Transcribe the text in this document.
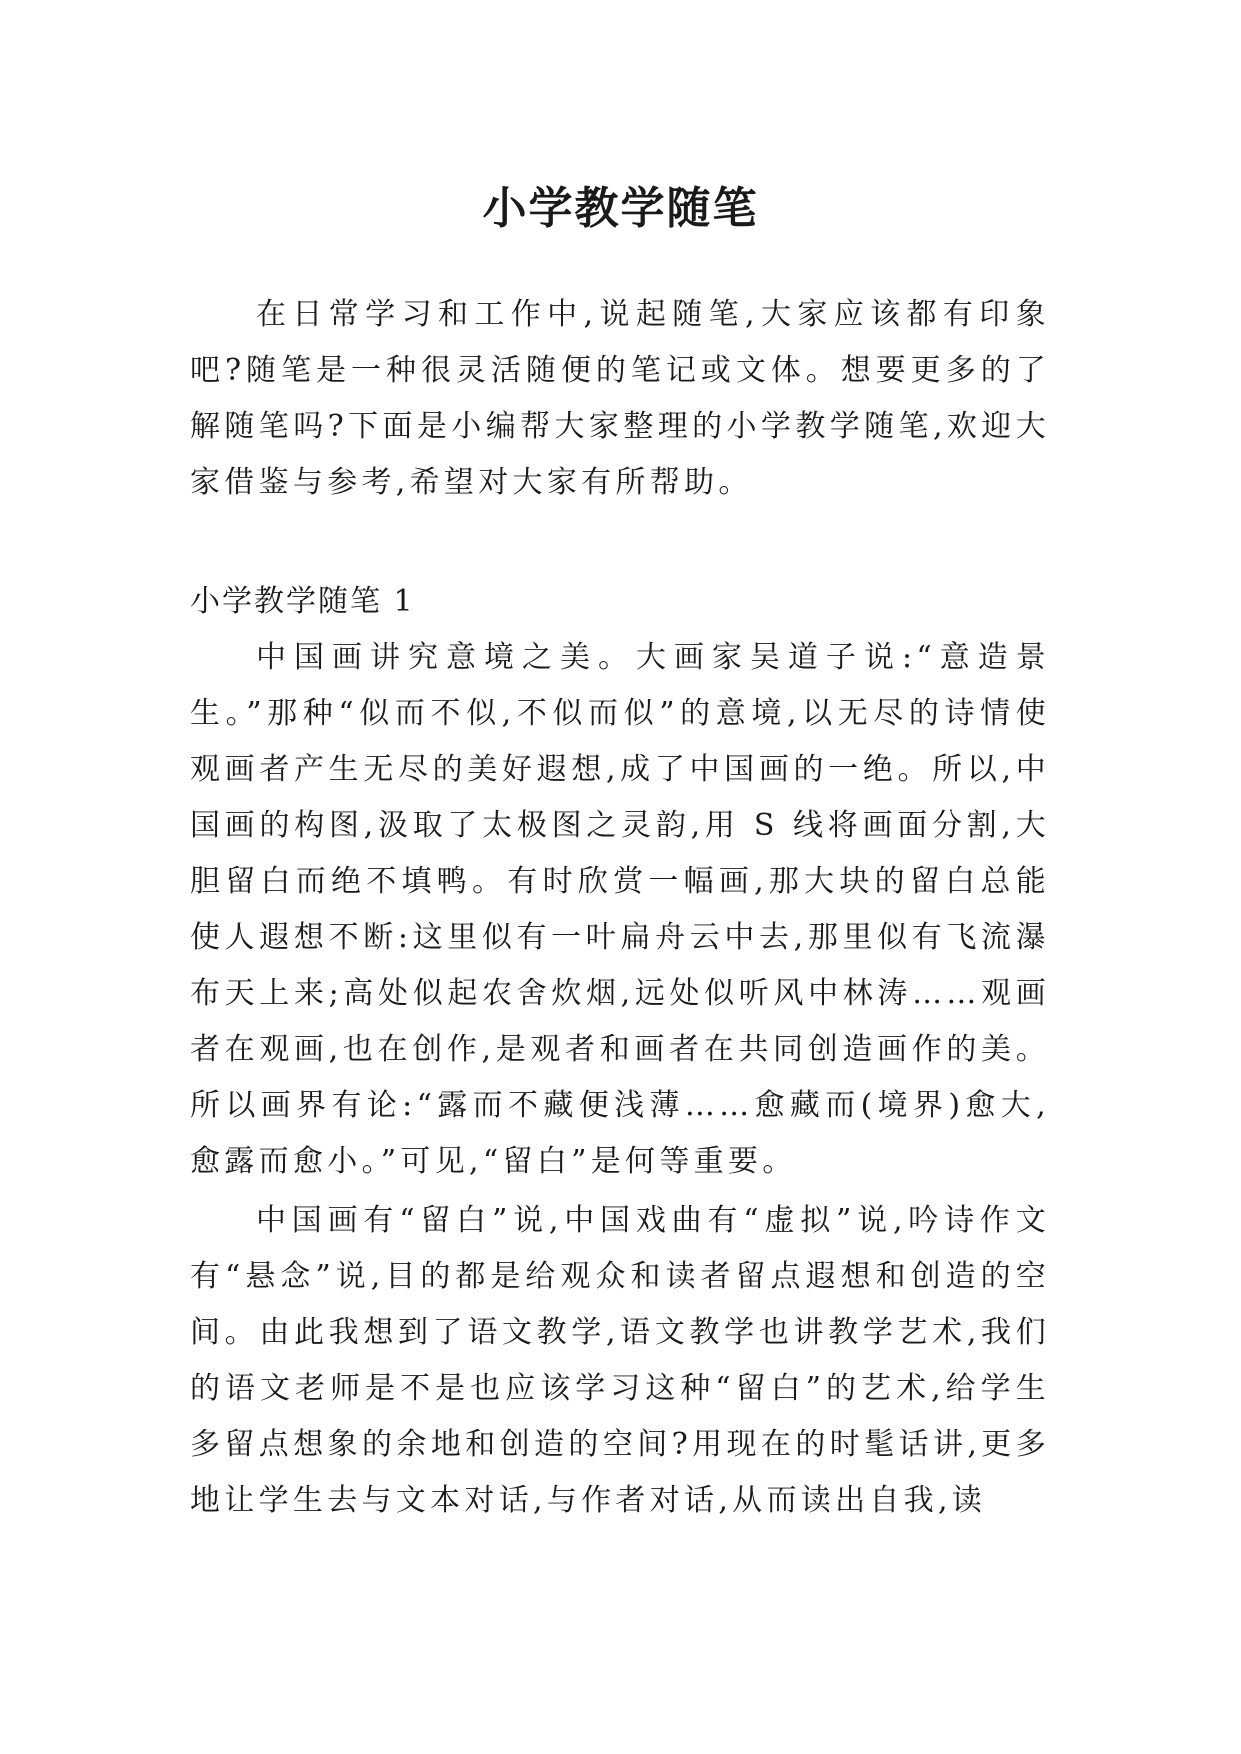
小学教学随笔

在日常学习和工作中,说起随笔,大家应该都有印象吧?随笔是一种很灵活随便的笔记或文体。想要更多的了解随笔吗?下面是小编帮大家整理的小学教学随笔,欢迎大家借鉴与参考,希望对大家有所帮助。

小学教学随笔 1

中国画讲究意境之美。大画家吴道子说:“意造景生。”那种“似而不似,不似而似”的意境,以无尽的诗情使观画者产生无尽的美好遐想,成了中国画的一绝。所以,中国画的构图,汲取了太极图之灵韵,用 S 线将画面分割,大胆留白而绝不填鸭。有时欣赏一幅画,那大块的留白总能使人遐想不断:这里似有一叶扁舟云中去,那里似有飞流瀑布天上来;高处似起农舍炊烟,远处似听风中林涛……观画者在观画,也在创作,是观者和画者在共同创造画作的美。所以画界有论:“露而不藏便浅薄……愈藏而(境界)愈大,愈露而愈小。”可见,“留白”是何等重要。

中国画有“留白”说,中国戏曲有“虚拟”说,吟诗作文有“悬念”说,目的都是给观众和读者留点遐想和创造的空间。由此我想到了语文教学,语文教学也讲教学艺术,我们的语文老师是不是也应该学习这种“留白”的艺术,给学生多留点想象的余地和创造的空间?用现在的时髦话讲,更多地让学生去与文本对话,与作者对话,从而读出自我,读
